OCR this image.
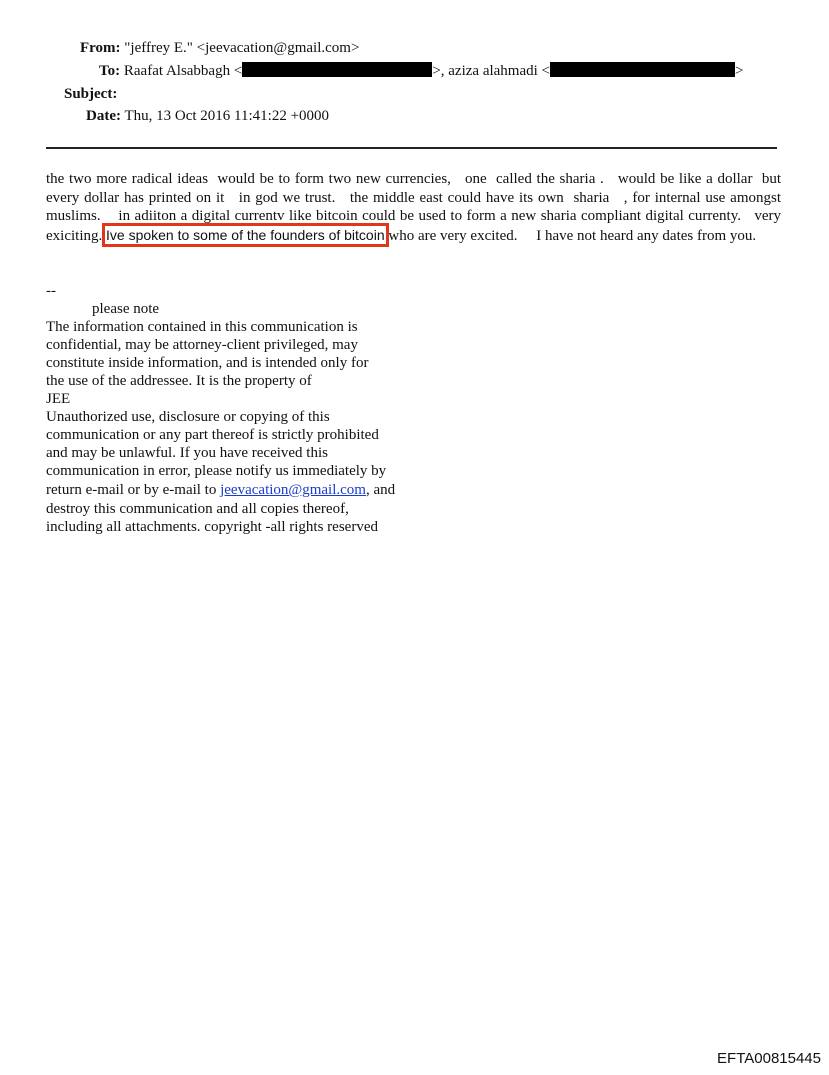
From: "jeffrey E." <jeevacation@gmail.com>
To: Raafat Alsabbagh <	>, aziza alahmadi <	>
Subject:
Date: Thu, 13 Oct 2016 11:41:22 +0000
the two more radical ideas  would be to form two new currencies,   one  called the sharia .   would be like a dollar  but every dollar has printed on it   in god we trust.   the middle east could have its own  sharia   , for internal use amongst muslims.    in adiiton a digital currentv like bitcoin could be used to form a new sharia compliant digital currenty.   very exiciting. Ive spoken to some of the founders of bitcoin who are very excited.     I have not heard any dates from you.
--
please note
The information contained in this communication is
confidential, may be attorney-client privileged, may
constitute inside information, and is intended only for
the use of the addressee. It is the property of
JEE
Unauthorized use, disclosure or copying of this
communication or any part thereof is strictly prohibited
and may be unlawful. If you have received this
communication in error, please notify us immediately by
return e-mail or by e-mail to jeevacation@gmail.com, and
destroy this communication and all copies thereof,
including all attachments. copyright -all rights reserved
EFTA00815445
